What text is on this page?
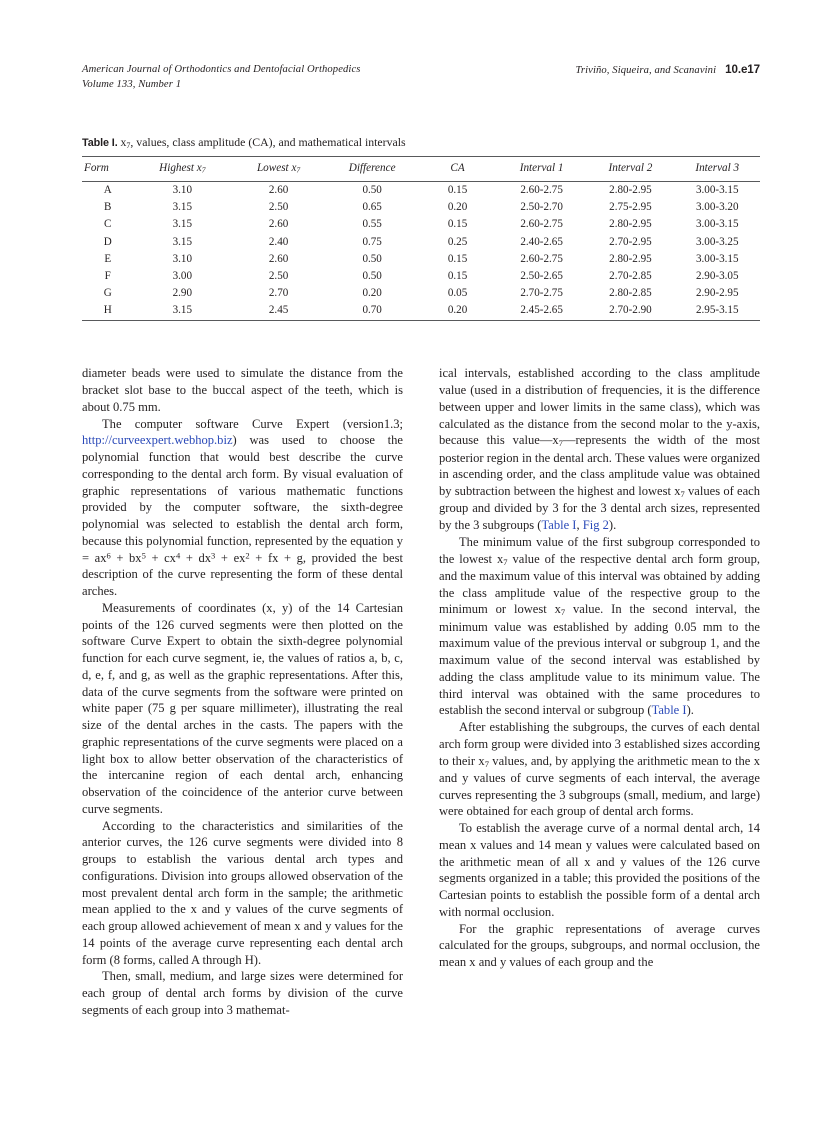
American Journal of Orthodontics and Dentofacial Orthopedics
Volume 133, Number 1
Triviño, Siqueira, and Scanavini 10.e17
Table I. $x_7$, values, class amplitude (CA), and mathematical intervals
Form	Highest $x_7$	Lowest $x_7$	Difference	CA	Interval 1	Interval 2	Interval 3
A	3.10	2.60	0.50	0.15	2.60-2.75	2.80-2.95	3.00-3.15
B	3.15	2.50	0.65	0.20	2.50-2.70	2.75-2.95	3.00-3.20
C	3.15	2.60	0.55	0.15	2.60-2.75	2.80-2.95	3.00-3.15
D	3.15	2.40	0.75	0.25	2.40-2.65	2.70-2.95	3.00-3.25
E	3.10	2.60	0.50	0.15	2.60-2.75	2.80-2.95	3.00-3.15
F	3.00	2.50	0.50	0.15	2.50-2.65	2.70-2.85	2.90-3.05
G	2.90	2.70	0.20	0.05	2.70-2.75	2.80-2.85	2.90-2.95
H	3.15	2.45	0.70	0.20	2.45-2.65	2.70-2.90	2.95-3.15

diameter beads were used to simulate the distance from the bracket slot base to the buccal aspect of the teeth, which is about 0.75 mm.

The computer software Curve Expert (version1.3; http://curveexpert.webhop.biz) was used to choose the polynomial function that would best describe the curve corresponding to the dental arch form. By visual evaluation of graphic representations of various mathematic functions provided by the computer software, the sixth-degree polynomial was selected to establish the dental arch form, because this polynomial function, represented by the equation $y = ax^6 + bx^5 + cx^4 + dx^3 + ex^2$ + fx + g, provided the best description of the curve representing the form of these dental arches.

Measurements of coordinates (x, y) of the 14 Cartesian points of the 126 curved segments were then plotted on the software Curve Expert to obtain the sixth-degree polynomial function for each curve segment, ie, the values of ratios a, b, c, d, e, f, and g, as well as the graphic representations. After this, data of the curve segments from the software were printed on white paper (75 g per square millimeter), illustrating the real size of the dental arches in the casts. The papers with the graphic representations of the curve segments were placed on a light box to allow better observation of the characteristics of the intercanine region of each dental arch, enhancing observation of the coincidence of the anterior curve between curve segments.

According to the characteristics and similarities of the anterior curves, the 126 curve segments were divided into 8 groups to establish the various dental arch types and configurations. Division into groups allowed observation of the most prevalent dental arch form in the sample; the arithmetic mean applied to the x and y values of the curve segments of each group allowed achievement of mean x and y values for the 14 points of the average curve representing each dental arch form (8 forms, called A through H).

Then, small, medium, and large sizes were determined for each group of dental arch forms by division of the curve segments of each group into 3 mathemat-

ical intervals, established according to the class amplitude value (used in a distribution of frequencies, it is the difference between upper and lower limits in the same class), which was calculated as the distance from the second molar to the y-axis, because this $value—x_7—represents$ the width of the most posterior region in the dental arch. These values were organized in ascending order, and the class amplitude value was obtained by subtraction between the highest and lowest $x_7$ values of each group and divided by 3 for the 3 dental arch sizes, represented by the 3 subgroups (Table I, Fig 2).

The minimum value of the first subgroup corresponded to the lowest $x_7$ value of the respective dental arch form group, and the maximum value of this interval was obtained by adding the class amplitude value of the respective group to the minimum or lowest $x_7$ value. In the second interval, the minimum value was established by adding 0.05 mm to the maximum value of the previous interval or subgroup 1, and the maximum value of the second interval was established by adding the class amplitude value to its minimum value. The third interval was obtained with the same procedures to establish the second interval or subgroup (Table I).

After establishing the subgroups, the curves of each dental arch form group were divided into 3 established sizes according to their $x_7$ values, and, by applying the arithmetic mean to the x and y values of curve segments of each interval, the average curves representing the 3 subgroups (small, medium, and large) were obtained for each group of dental arch forms.

To establish the average curve of a normal dental arch, 14 mean x values and 14 mean y values were calculated based on the arithmetic mean of all x and y values of the 126 curve segments organized in a table; this provided the positions of the Cartesian points to establish the possible form of a dental arch with normal occlusion.

For the graphic representations of average curves calculated for the groups, subgroups, and normal occlusion, the mean x and y values of each group and the
